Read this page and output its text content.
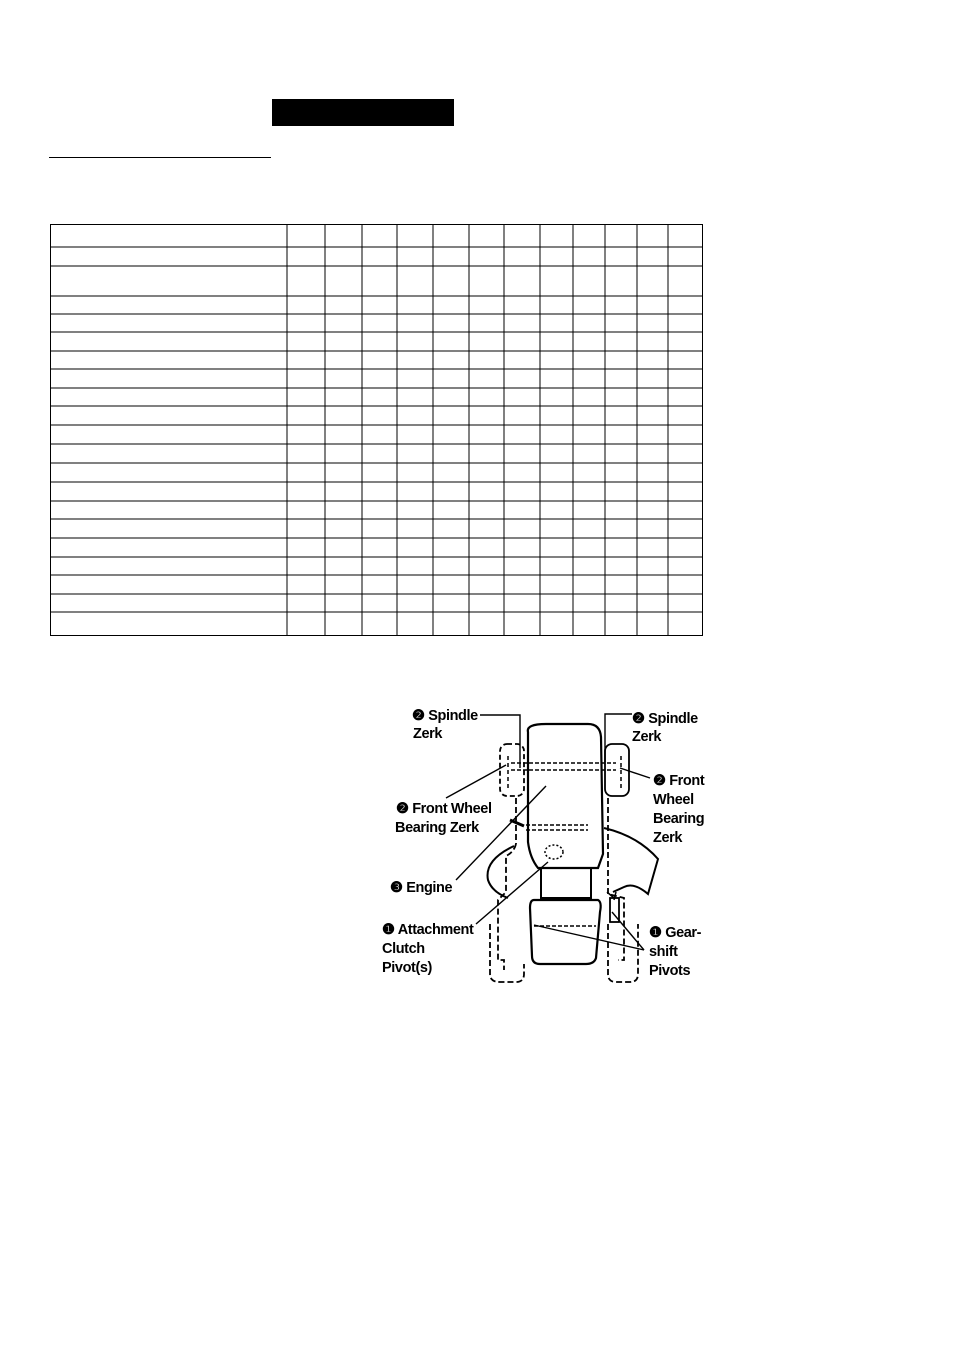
❷ Spindle
Zerk
❷ Spindle
Zerk
❷ Front
Wheel
Bearing
Zerk
❷ Front Wheel
Bearing Zerk
❸ Engine
❶ Attachment
Clutch
Pivot(s)
❶ Gear-
shift
Pivots
